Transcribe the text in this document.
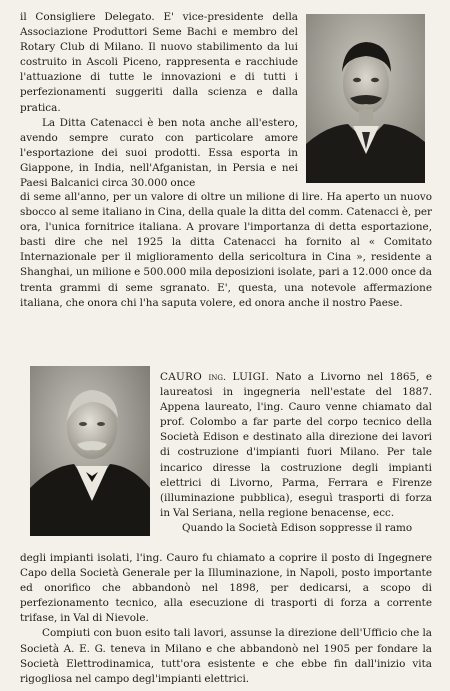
il Consigliere Delegato. E' vice-presidente della Associazione Produttori Seme Bachi e membro del Rotary Club di Milano. Il nuovo stabilimento da lui costruito in Ascoli Piceno, rappresenta e racchiude l'attuazione di tutte le innovazioni e di tutti i perfezionamenti suggeriti dalla scienza e dalla pratica.

La Ditta Catenacci è ben nota anche all'estero, avendo sempre curato con particolare amore l'esportazione dei suoi prodotti. Essa esporta in Giappone, in India, nell'Afganistan, in Persia e nei Paesi Balcanici circa 30.000 once

di seme all'anno, per un valore di oltre un milione di lire. Ha aperto un nuovo sbocco al seme italiano in Cina, della quale la ditta del comm. Catenacci è, per ora, l'unica fornitrice italiana. A provare l'importanza di detta esportazione, basti dire che nel 1925 la ditta Catenacci ha fornito al « Comitato Internazionale per il miglioramento della sericoltura in Cina », residente a Shanghai, un milione e 500.000 mila deposizioni isolate, pari a 12.000 once da trenta grammi di seme sgranato. E', questa, una notevole affermazione italiana, che onora chi l'ha saputa volere, ed onora anche il nostro Paese.

CAURO ing. LUIGI. Nato a Livorno nel 1865, e laureatosi in ingegneria nell'estate del 1887. Appena laureato, l'ing. Cauro venne chiamato dal prof. Colombo a far parte del corpo tecnico della Società Edison e destinato alla direzione dei lavori di costruzione d'impianti fuori Milano. Per tale incarico diresse la costruzione degli impianti elettrici di Livorno, Parma, Ferrara e Firenze (illuminazione pubblica), eseguì trasporti di forza in Val Seriana, nella regione benacense, ecc.

Quando la Società Edison soppresse il ramo

degli impianti isolati, l'ing. Cauro fu chiamato a coprire il posto di Ingegnere Capo della Società Generale per la Illuminazione, in Napoli, posto importante ed onorifico che abbandonò nel 1898, per dedicarsi, a scopo di perfezionamento tecnico, alla esecuzione di trasporti di forza a corrente trifase, in Val di Nievole.

Compiuti con buon esito tali lavori, assunse la direzione dell'Ufficio che la Società A. E. G. teneva in Milano e che abbandonò nel 1905 per fondare la Società Elettrodinamica, tutt'ora esistente e che ebbe fin dall'inizio vita rigogliosa nel campo degl'impianti elettrici.
